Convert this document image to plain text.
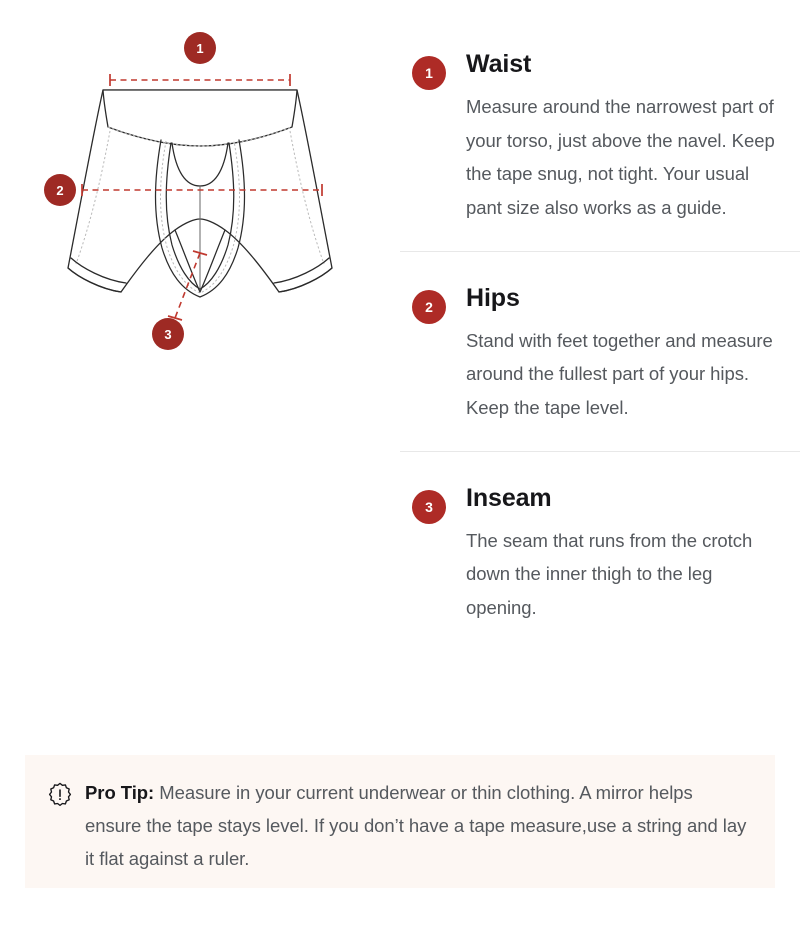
1
2
3
1	Waist

Measure around the narrowest part of your torso, just above the navel. Keep the tape snug, not tight. Your usual pant size also works as a guide.

2	Hips

Stand with feet together and measure around the fullest part of your hips. Keep the tape level.

3	Inseam

The seam that runs from the crotch down the inner thigh to the leg opening.

Pro Tip: Measure in your current underwear or thin clothing. A mirror helps ensure the tape stays level. If you don’t have a tape measure,use a string and lay it flat against a ruler.
